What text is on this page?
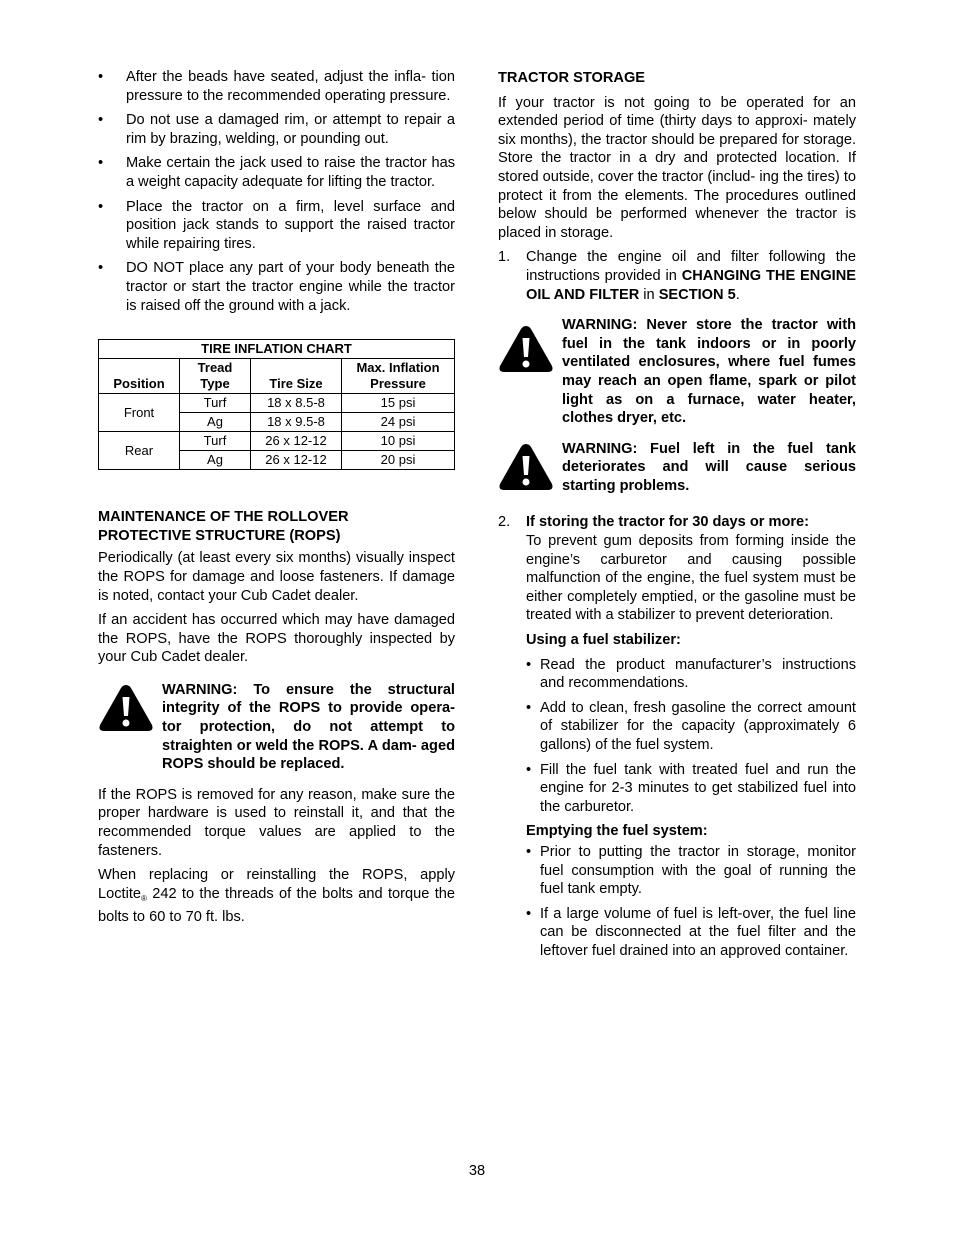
• After the beads have seated, adjust the infla- tion pressure to the recommended operating pressure.
• Do not use a damaged rim, or attempt to repair a rim by brazing, welding, or pounding out.
• Make certain the jack used to raise the tractor has a weight capacity adequate for lifting the tractor.
• Place the tractor on a firm, level surface and position jack stands to support the raised tractor while repairing tires.
• DO NOT place any part of your body beneath the tractor or start the tractor engine while the tractor is raised off the ground with a jack.
TIRE INFLATION CHART			
Position	Tread Type	Tire Size	Max. Inflation Pressure
Front	Turf	18 x 8.5-8	15 psi
	Ag	18 x 9.5-8	24 psi
Rear	Turf	26 x 12-12	10 psi
	Ag	26 x 12-12	20 psi
MAINTENANCE OF THE ROLLOVER
PROTECTIVE STRUCTURE (ROPS)

Periodically (at least every six months) visually inspect the ROPS for damage and loose fasteners. If damage is noted, contact your Cub Cadet dealer.

If an accident has occurred which may have damaged the ROPS, have the ROPS thoroughly inspected by your Cub Cadet dealer.

WARNING: To ensure the structural integrity of the ROPS to provide opera- tor protection, do not attempt to straighten or weld the ROPS. A dam- aged ROPS should be replaced.

If the ROPS is removed for any reason, make sure the proper hardware is used to reinstall it, and that the recommended torque values are applied to the fasteners.

When replacing or reinstalling the ROPS, apply Loctite$_®$ 242 to the threads of the bolts and torque the bolts to 60 to 70 ft. lbs.

TRACTOR STORAGE

If your tractor is not going to be operated for an extended period of time (thirty days to approxi- mately six months), the tractor should be prepared for storage. Store the tractor in a dry and protected location. If stored outside, cover the tractor (includ- ing the tires) to protect it from the elements. The procedures outlined below should be performed whenever the tractor is placed in storage.

1. Change the engine oil and filter following the instructions provided in CHANGING THE ENGINE OIL AND FILTER in SECTION 5.
WARNING: Never store the tractor with fuel in the tank indoors or in poorly ventilated enclosures, where fuel fumes may reach an open flame, spark or pilot light as on a furnace, water heater, clothes dryer, etc.
WARNING: Fuel left in the fuel tank deteriorates and will cause serious starting problems.
2. If storing the tractor for 30 days or more:

To prevent gum deposits from forming inside the engine’s carburetor and causing possible malfunction of the engine, the fuel system must be either completely emptied, or the gasoline must be treated with a stabilizer to prevent deterioration.

Using a fuel stabilizer:
• Read the product manufacturer’s instructions and recommendations.
• Add to clean, fresh gasoline the correct amount of stabilizer for the capacity (approximately 6 gallons) of the fuel system.
• Fill the fuel tank with treated fuel and run the engine for 2-3 minutes to get stabilized fuel into the carburetor.
Emptying the fuel system:
• Prior to putting the tractor in storage, monitor fuel consumption with the goal of running the fuel tank empty.
• If a large volume of fuel is left-over, the fuel line can be disconnected at the fuel filter and the leftover fuel drained into an approved container.
38
